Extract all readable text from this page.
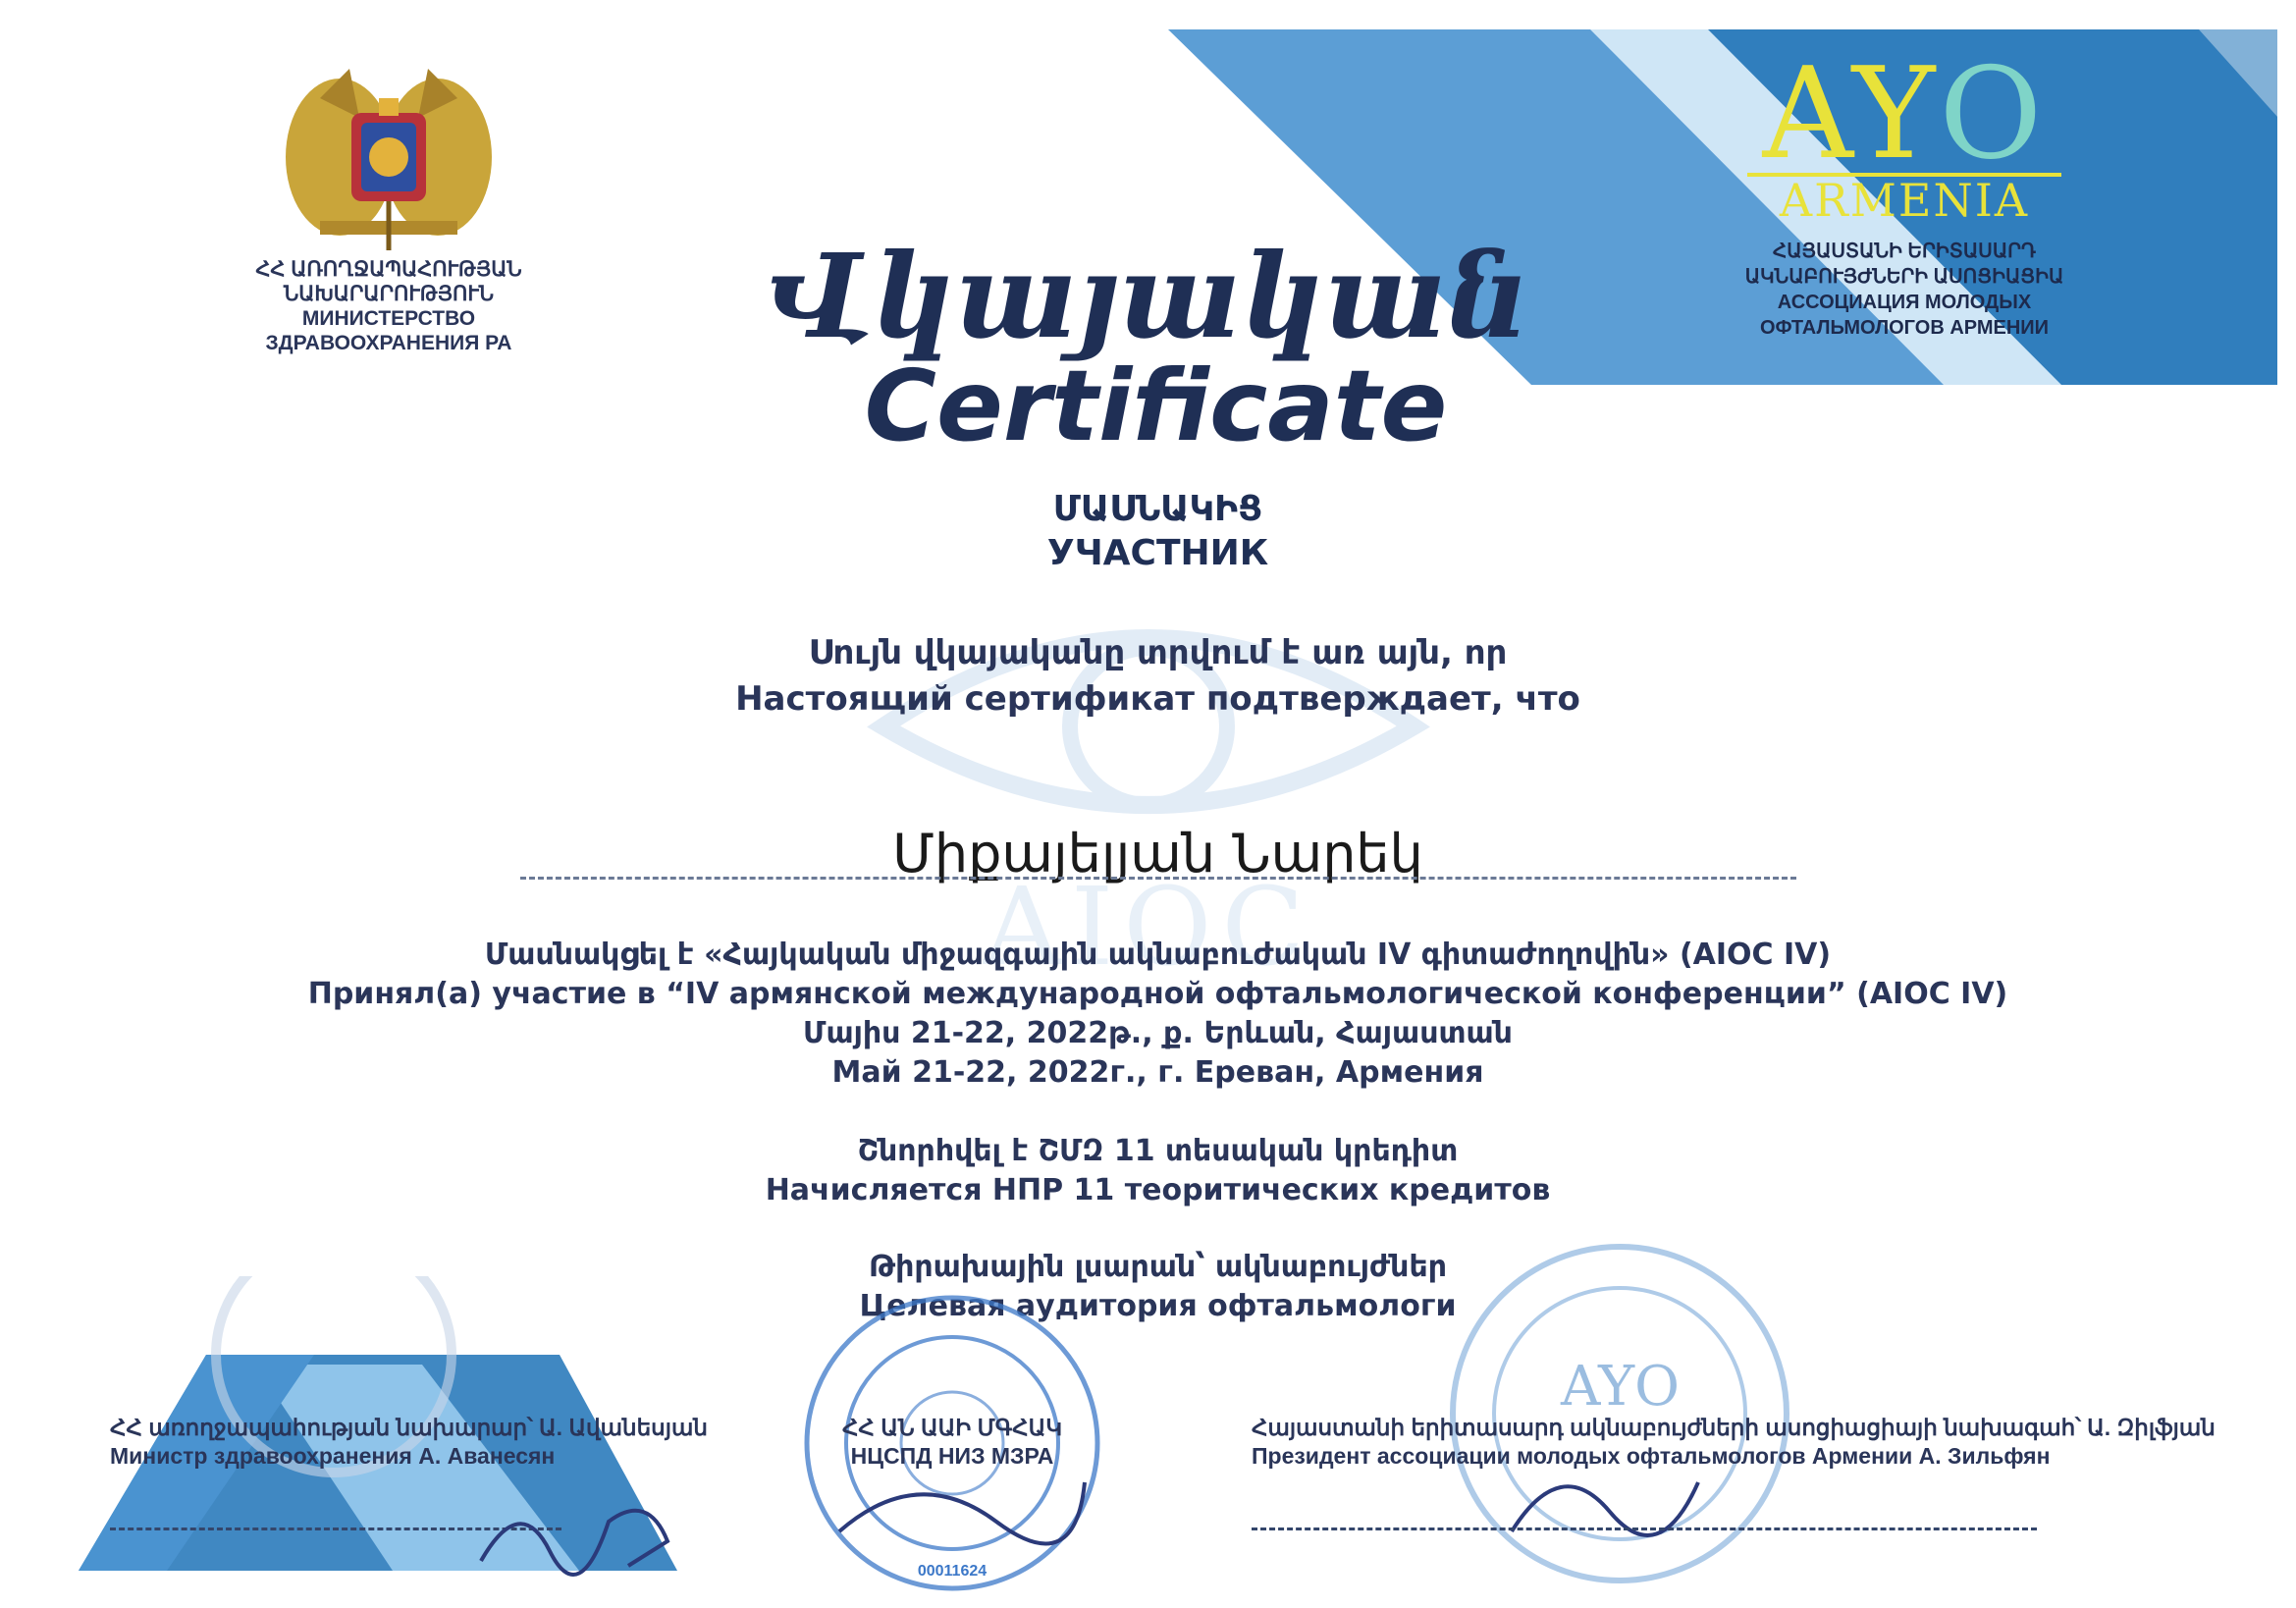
AYO
ARMENIA
ՀԱՅԱՍՏԱՆԻ ԵՐԻՏԱՍԱՐԴ
ԱԿՆԱԲՈՒՅԺՆԵՐԻ ԱՍՈՑԻԱՑԻԱ
АССОЦИАЦИЯ МОЛОДЫХ
ОФТАЛЬМОЛОГОВ АРМЕНИИ
ՀՀ ԱՌՈՂՋԱՊԱՀՈՒԹՅԱՆ
ՆԱԽԱՐԱՐՈՒԹՅՈՒՆ
МИНИСТЕРСТВО
ЗДРАВООХРАНЕНИЯ РА
AIOC
Վկայական
Certificate
ՄԱՍՆԱԿԻՑ
УЧАСТНИК
Սույն վկայականը տրվում է առ այն, որ
Настоящий сертификат подтверждает, что
Միքայելյան Նարեկ
Մասնակցել է «Հայկական միջազգային ակնաբուժական IV գիտաժողովին» (AIOC IV)
Принял(а) участие в “IV армянской международной офтальмологической конференции” (AIOC IV)
Մայիս 21-22, 2022թ., ք. Երևան, Հայաստան
Май 21-22, 2022г., г. Ереван, Армения
Շնորհվել է ՇՄԶ 11 տեսական կրեդիտ
Начисляется НПР 11 теоритических кредитов
Թիրախային լսարան՝ ակնաբույժներ
Целевая аудитория офтальмологи
ՀՀ առողջապահության նախարար՝ Ա. Ավանեսյան
Министр здравоохранения А. Аванесян
ՀՀ ԱՆ ԱԱԻ ՄԳՀԱԿ
НЦСПД НИЗ МЗРА
00011624
AYO
Հայաստանի երիտասարդ ակնաբույժների ասոցիացիայի նախագահ՝ Ա. Զիլֆյան
Президент ассоциации молодых офтальмологов Армении А. Зильфян
